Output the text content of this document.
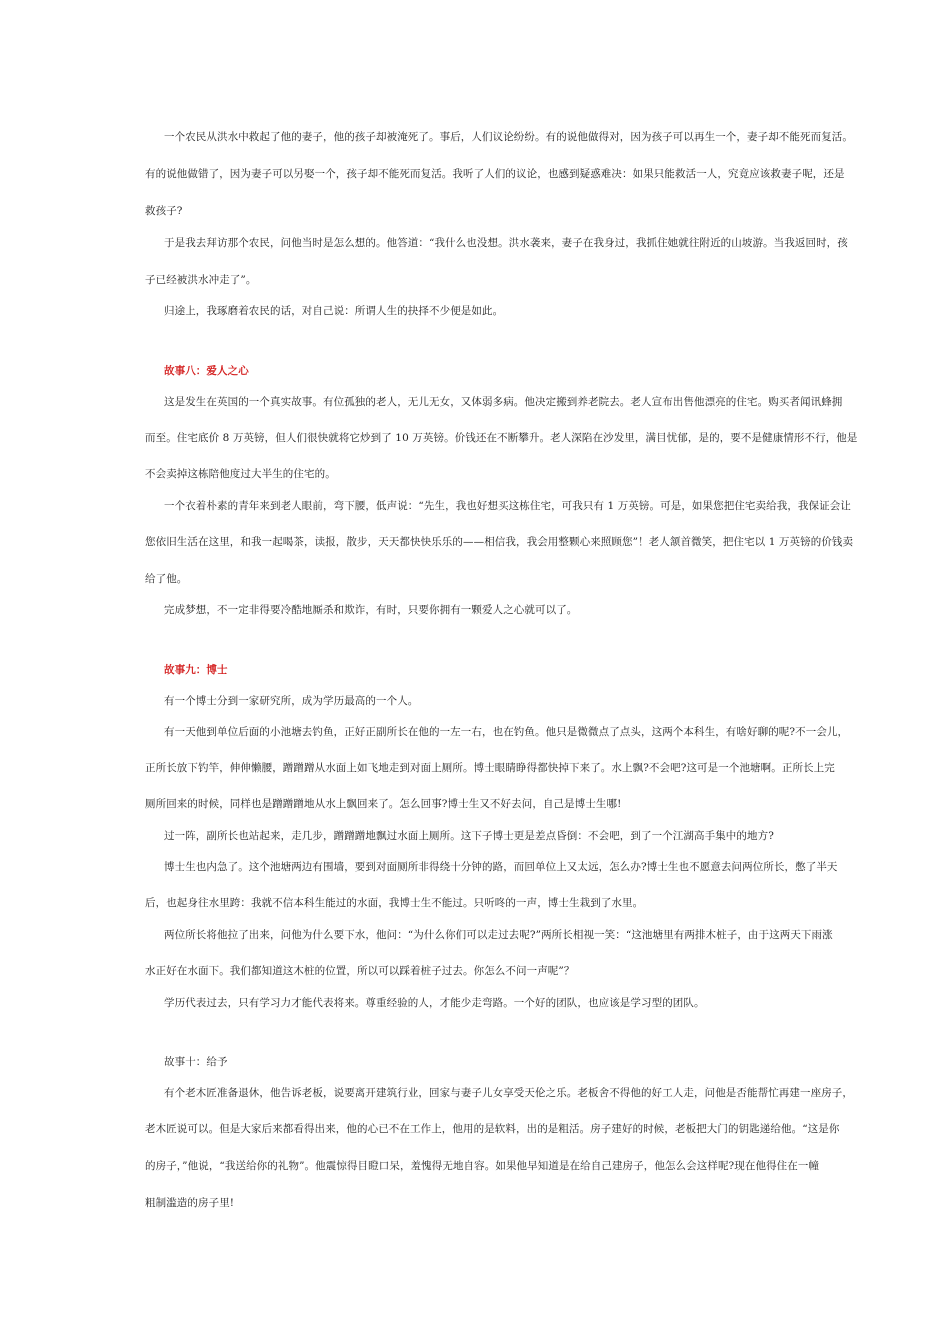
一个农民从洪水中救起了他的妻子，他的孩子却被淹死了。事后，人们议论纷纷。有的说他做得对，因为孩子可以再生一个，妻子却不能死而复活。
有的说他做错了，因为妻子可以另娶一个，孩子却不能死而复活。我听了人们的议论，也感到疑惑难决：如果只能救活一人，究竟应该救妻子呢，还是
救孩子?
于是我去拜访那个农民，问他当时是怎么想的。他答道：“我什么也没想。洪水袭来，妻子在我身过，我抓住她就往附近的山坡游。当我返回时，孩
子已经被洪水冲走了”。
归途上，我琢磨着农民的话，对自己说：所谓人生的抉择不少便是如此。
故事八：爱人之心
这是发生在英国的一个真实故事。有位孤独的老人，无儿无女，又体弱多病。他决定搬到养老院去。老人宣布出售他漂亮的住宅。购买者闻讯蜂拥
而至。住宅底价 8 万英镑，但人们很快就将它炒到了 10 万英镑。价钱还在不断攀升。老人深陷在沙发里，满目忧郁，是的，要不是健康情形不行，他是
不会卖掉这栋陪他度过大半生的住宅的。
一个衣着朴素的青年来到老人眼前，弯下腰，低声说：“先生，我也好想买这栋住宅，可我只有 1 万英镑。可是，如果您把住宅卖给我，我保证会让
您依旧生活在这里，和我一起喝茶，读报，散步，天天都快快乐乐的——相信我，我会用整颗心来照顾您”！老人颔首微笑，把住宅以 1 万英镑的价钱卖
给了他。
完成梦想，不一定非得要冷酷地厮杀和欺诈，有时，只要你拥有一颗爱人之心就可以了。
故事九：博士
有一个博士分到一家研究所，成为学历最高的一个人。
有一天他到单位后面的小池塘去钓鱼，正好正副所长在他的一左一右，也在钓鱼。他只是微微点了点头，这两个本科生，有啥好聊的呢?不一会儿，
正所长放下钓竿，伸伸懒腰，蹭蹭蹭从水面上如飞地走到对面上厕所。博士眼睛睁得都快掉下来了。水上飘?不会吧?这可是一个池塘啊。正所长上完
厕所回来的时候，同样也是蹭蹭蹭地从水上飘回来了。怎么回事?博士生又不好去问，自己是博士生哪!
过一阵，副所长也站起来，走几步，蹭蹭蹭地飘过水面上厕所。这下子博士更是差点昏倒：不会吧，到了一个江湖高手集中的地方?
博士生也内急了。这个池塘两边有围墙，要到对面厕所非得绕十分钟的路，而回单位上又太远，怎么办?博士生也不愿意去问两位所长，憋了半天
后，也起身往水里跨：我就不信本科生能过的水面，我博士生不能过。只听咚的一声，博士生栽到了水里。
两位所长将他拉了出来，问他为什么要下水，他问：“为什么你们可以走过去呢?”两所长相视一笑：“这池塘里有两排木桩子，由于这两天下雨涨
水正好在水面下。我们都知道这木桩的位置，所以可以踩着桩子过去。你怎么不问一声呢”？
学历代表过去，只有学习力才能代表将来。尊重经验的人，才能少走弯路。一个好的团队，也应该是学习型的团队。
故事十：给予
有个老木匠准备退休，他告诉老板，说要离开建筑行业，回家与妻子儿女享受天伦之乐。老板舍不得他的好工人走，问他是否能帮忙再建一座房子，
老木匠说可以。但是大家后来都看得出来，他的心已不在工作上，他用的是软料，出的是粗活。房子建好的时候，老板把大门的钥匙递给他。“这是你
的房子，”他说，“我送给你的礼物”。他震惊得目瞪口呆，羞愧得无地自容。如果他早知道是在给自己建房子，他怎么会这样呢?现在他得住在一幢
粗制滥造的房子里!
